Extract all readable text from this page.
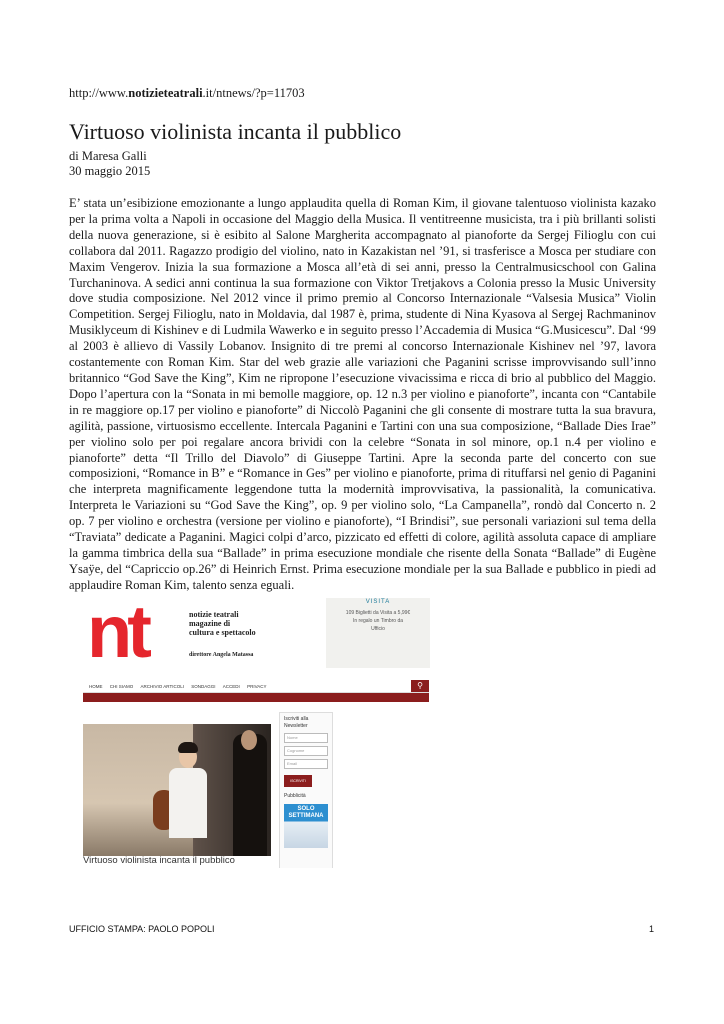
http://www.notizieteatrali.it/ntnews/?p=11703
Virtuoso violinista incanta il pubblico
di Maresa Galli
30 maggio 2015

E’ stata un’esibizione emozionante a lungo applaudita quella di Roman Kim, il giovane talentuoso violinista kazako per la prima volta a Napoli in occasione del Maggio della Musica. Il ventitreenne musicista, tra i più brillanti solisti della nuova generazione, si è esibito al Salone Margherita accompagnato al pianoforte da Sergej Filioglu con cui collabora dal 2011. Ragazzo prodigio del violino, nato in Kazakistan nel ’91, si trasferisce a Mosca per studiare con Maxim Vengerov. Inizia la sua formazione a Mosca all’età di sei anni, presso la Centralmusicschool con Galina Turchaninova. A sedici anni continua la sua formazione con Viktor Tretjakovs a Colonia presso la Music University dove studia composizione. Nel 2012 vince il primo premio al Concorso Internazionale “Valsesia Musica” Violin Competition. Sergej Filioglu, nato in Moldavia, dal 1987 è, prima, studente di Nina Kyasova al Sergej Rachmaninov Musiklyceum di Kishinev e di Ludmila Wawerko e in seguito presso l’Accademia di Musica “G.Musicescu”. Dal ‘99 al 2003 è allievo di Vassily Lobanov. Insignito di tre premi al concorso Internazionale Kishinev nel ’97, lavora costantemente con Roman Kim. Star del web grazie alle variazioni che Paganini scrisse improvvisando sull’inno britannico “God Save the King”, Kim ne ripropone l’esecuzione vivacissima e ricca di brio al pubblico del Maggio. Dopo l’apertura con la “Sonata in mi bemolle maggiore, op. 12 n.3 per violino e pianoforte”, incanta con “Cantabile in re maggiore op.17 per violino e pianoforte” di Niccolò Paganini che gli consente di mostrare tutta la sua bravura, agilità, passione, virtuosismo eccellente. Intercala Paganini e Tartini con una sua composizione, “Ballade Dies Irae” per violino solo per poi regalare ancora brividi con la celebre “Sonata in sol minore, op.1 n.4 per violino e pianoforte” detta “Il Trillo del Diavolo” di Giuseppe Tartini. Apre la seconda parte del concerto con sue composizioni, “Romance in B” e “Romance in Ges” per violino e pianoforte, prima di rituffarsi nel genio di Paganini che interpreta magnificamente leggendone tutta la modernità improvvisativa, la passionalità, la comunicativa. Interpreta le Variazioni su “God Save the King”, op. 9 per violino solo, “La Campanella”, rondò dal Concerto n. 2 op. 7 per violino e orchestra (versione per violino e pianoforte), “I Brindisi”, sue personali variazioni sul tema della “Traviata” dedicate a Paganini. Magici colpi d’arco, pizzicato ed effetti di colore, agilità assoluta capace di ampliare la gamma timbrica della sua “Ballade” in prima esecuzione mondiale che risente della Sonata “Ballade” di Eugène Ysaÿe, del “Capriccio op.26” di Heinrich Ernst. Prima esecuzione mondiale per la sua Ballade e pubblico in piedi ad applaudire Roman Kim, talento senza eguali.

nt	notizie teatrali
magazine di
cultura e spettacolo
direttore Angela Matassa
VISITA
109 Biglietti da Visita a 5,99€
In regalo un Timbro da
Ufficio
HOME CHI SIAMO ARCHIVIO ARTICOLI SONDAGGI ACCEDI PRIVACY	⚲
Virtuoso violinista incanta il pubblico
Iscriviti alla Newsletter
Nome
Cognome
Email
ISCRIVITI
Pubblicità
SOLO SETTIMANA
UFFICIO STAMPA: PAOLO POPOLI	1
